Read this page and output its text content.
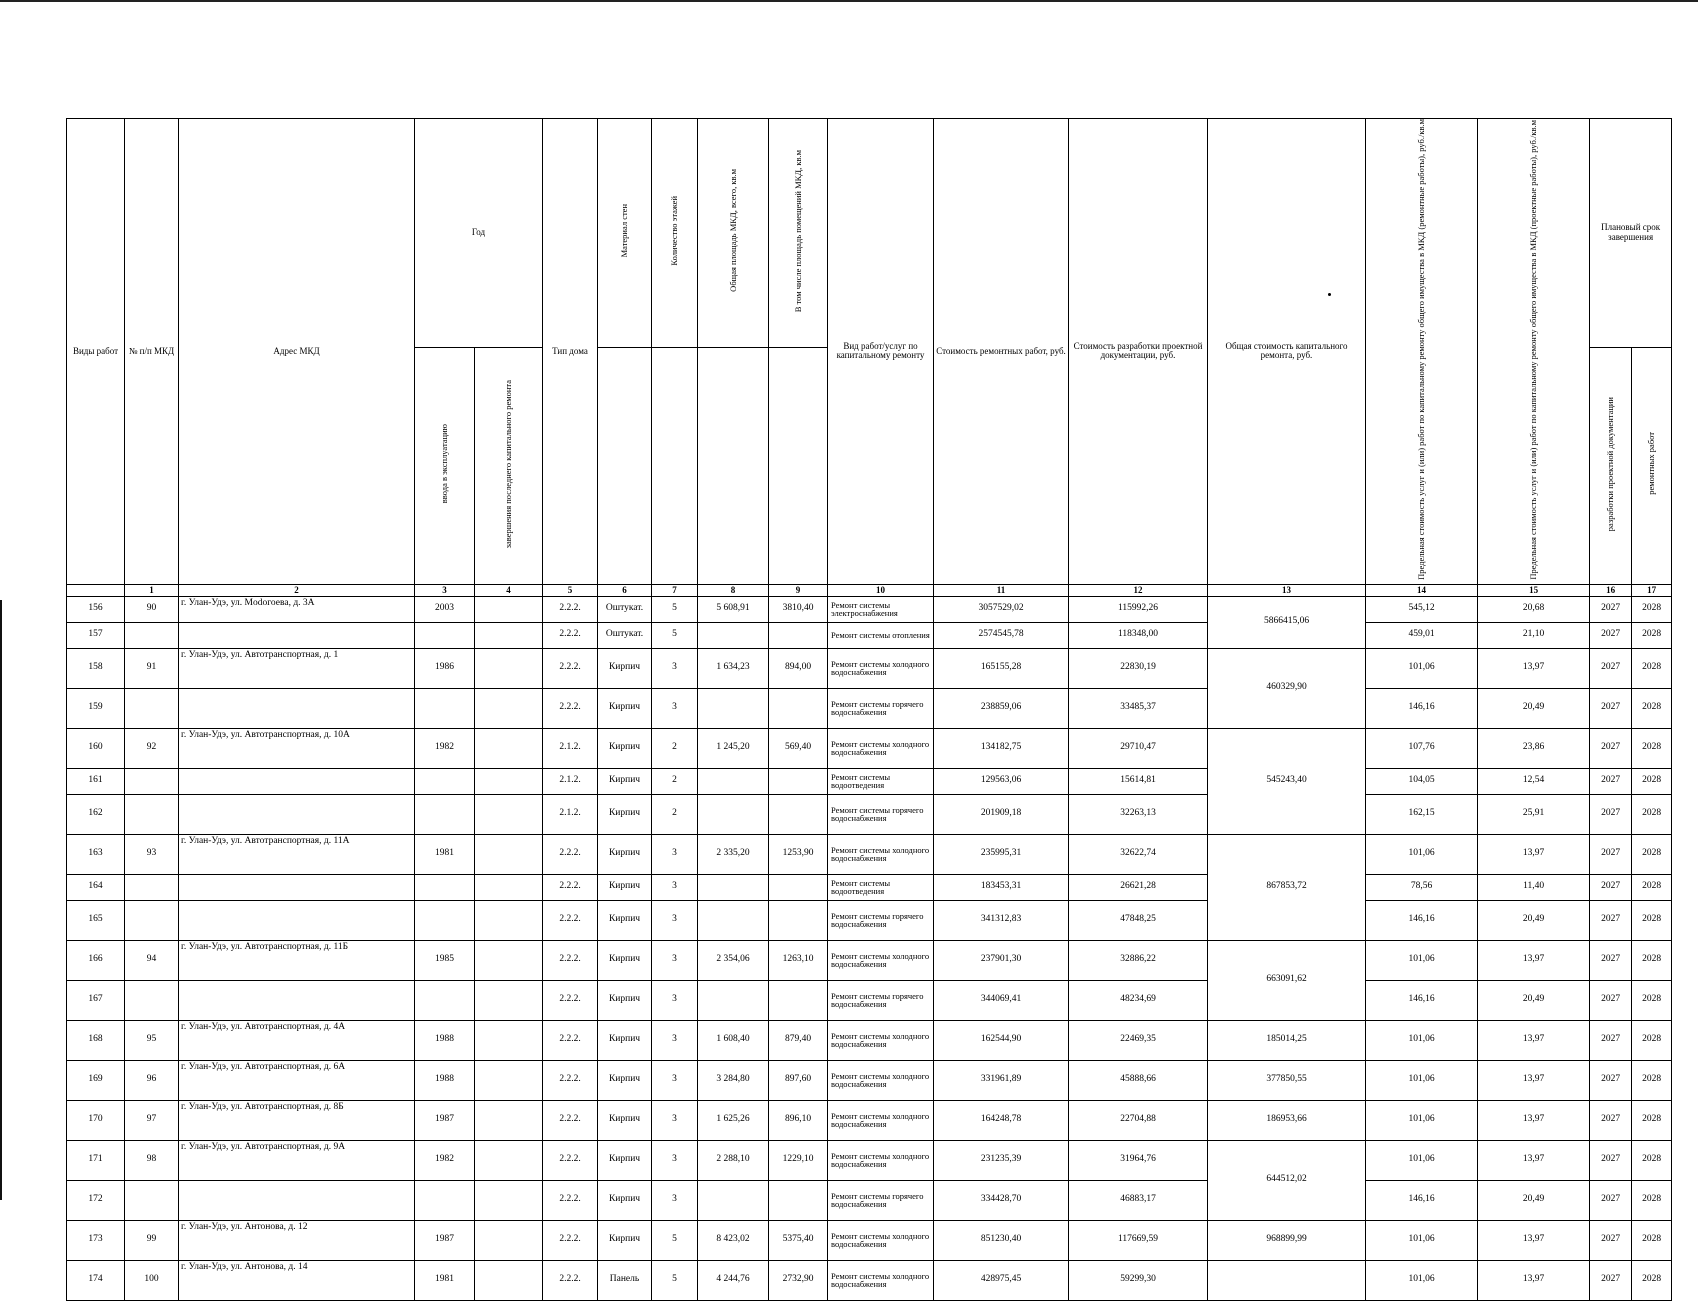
Виды работ	№ п/п МКД	Адрес МКД	Год		Тип дома	Материал стен	Количество этажей	Общая площадь МКД, всего, кв.м	В том числе площадь помещений МКД, кв.м	Вид работ/услуг по капитальному ремонту	Стоимость ремонтных работ, руб.	Стоимость разработки проектной документации, руб.	Общая стоимость капитального ремонта, руб.	Предельная стоимость услуг и (или) работ по капитальному ремонту общего имущества в МКД (ремонтные работы), руб./кв.м	Предельная стоимость услуг и (или) работ по капитальному ремонту общего имущества в МКД (проектные работы), руб./кв.м	Плановый срок завершения	
			ввода в эксплуатацию	завершения последнего капитального ремонта												разработки проектной документации	ремонтных работ
	1	2	3	4	5	6	7	8	9	10	11	12	13	14	15	16	17
156	90	г. Улан-Удэ, ул. Modогоева, д. 3А	2003		2.2.2.	Оштукат.	5	5 608,91	3810,40	Ремонт системы электроснабжения	3057529,02	115992,26	5866415,06	545,12	20,68	2027	2028
157					2.2.2.	Оштукат.	5			Ремонт системы отопления	2574545,78	118348,00		459,01	21,10	2027	2028
158	91	г. Улан-Удэ, ул. Автотранспортная, д. 1	1986		2.2.2.	Кирпич	3	1 634,23	894,00	Ремонт системы холодного водоснабжения	165155,28	22830,19	460329,90	101,06	13,97	2027	2028
159					2.2.2.	Кирпич	3			Ремонт системы горячего водоснабжения	238859,06	33485,37		146,16	20,49	2027	2028
160	92	г. Улан-Удэ, ул. Автотранспортная, д. 10А	1982		2.1.2.	Кирпич	2	1 245,20	569,40	Ремонт системы холодного водоснабжения	134182,75	29710,47	545243,40	107,76	23,86	2027	2028
161					2.1.2.	Кирпич	2			Ремонт системы водоотведения	129563,06	15614,81		104,05	12,54	2027	2028
162					2.1.2.	Кирпич	2			Ремонт системы горячего водоснабжения	201909,18	32263,13		162,15	25,91	2027	2028
163	93	г. Улан-Удэ, ул. Автотранспортная, д. 11А	1981		2.2.2.	Кирпич	3	2 335,20	1253,90	Ремонт системы холодного водоснабжения	235995,31	32622,74	867853,72	101,06	13,97	2027	2028
164					2.2.2.	Кирпич	3			Ремонт системы водоотведения	183453,31	26621,28		78,56	11,40	2027	2028
165					2.2.2.	Кирпич	3			Ремонт системы горячего водоснабжения	341312,83	47848,25		146,16	20,49	2027	2028
166	94	г. Улан-Удэ, ул. Автотранспортная, д. 11Б	1985		2.2.2.	Кирпич	3	2 354,06	1263,10	Ремонт системы холодного водоснабжения	237901,30	32886,22	663091,62	101,06	13,97	2027	2028
167					2.2.2.	Кирпич	3			Ремонт системы горячего водоснабжения	344069,41	48234,69		146,16	20,49	2027	2028
168	95	г. Улан-Удэ, ул. Автотранспортная, д. 4А	1988		2.2.2.	Кирпич	3	1 608,40	879,40	Ремонт системы холодного водоснабжения	162544,90	22469,35	185014,25	101,06	13,97	2027	2028
169	96	г. Улан-Удэ, ул. Автотранспортная, д. 6А	1988		2.2.2.	Кирпич	3	3 284,80	897,60	Ремонт системы холодного водоснабжения	331961,89	45888,66	377850,55	101,06	13,97	2027	2028
170	97	г. Улан-Удэ, ул. Автотранспортная, д. 8Б	1987		2.2.2.	Кирпич	3	1 625,26	896,10	Ремонт системы холодного водоснабжения	164248,78	22704,88	186953,66	101,06	13,97	2027	2028
171	98	г. Улан-Удэ, ул. Автотранспортная, д. 9А	1982		2.2.2.	Кирпич	3	2 288,10	1229,10	Ремонт системы холодного водоснабжения	231235,39	31964,76	644512,02	101,06	13,97	2027	2028
172					2.2.2.	Кирпич	3			Ремонт системы горячего водоснабжения	334428,70	46883,17		146,16	20,49	2027	2028
173	99	г. Улан-Удэ, ул. Антонова, д. 12	1987		2.2.2.	Кирпич	5	8 423,02	5375,40	Ремонт системы холодного водоснабжения	851230,40	117669,59	968899,99	101,06	13,97	2027	2028
174	100	г. Улан-Удэ, ул. Антонова, д. 14	1981		2.2.2.	Панель	5	4 244,76	2732,90	Ремонт системы холодного водоснабжения	428975,45	59299,30		101,06	13,97	2027	2028
